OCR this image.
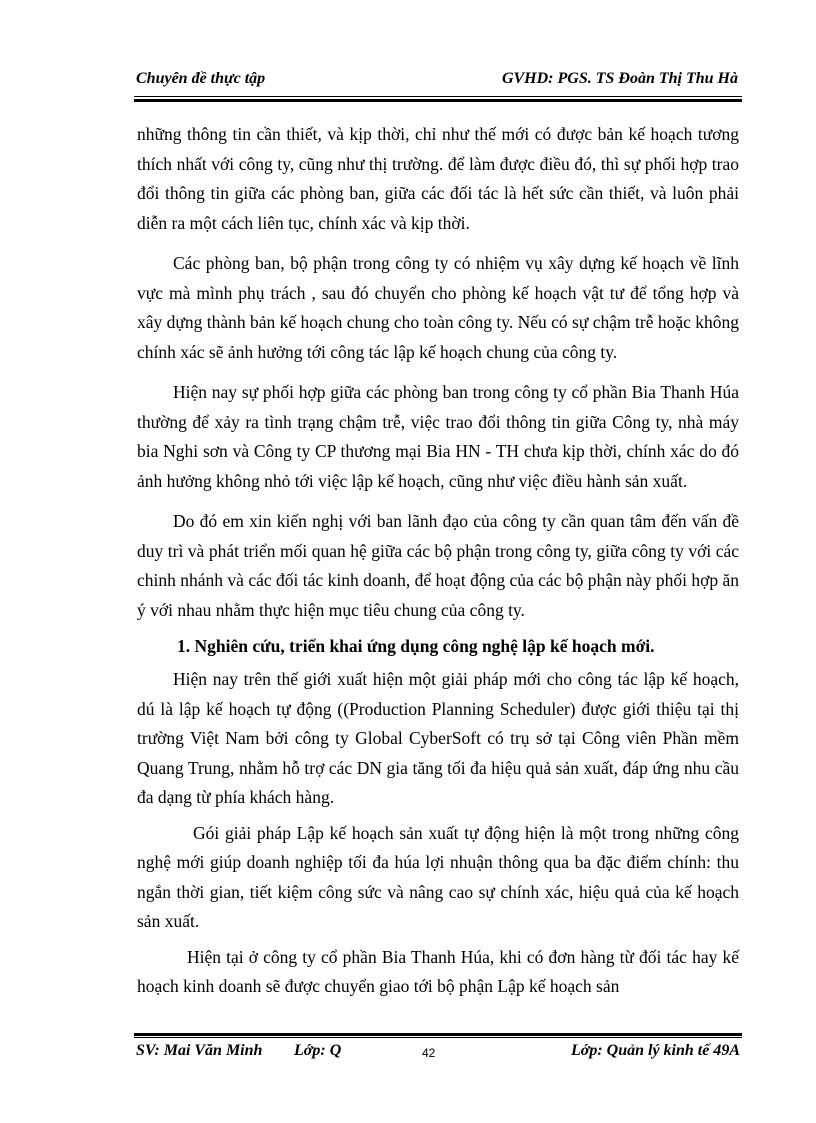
Chuyên đề thực tập	GVHD: PGS. TS Đoàn Thị Thu Hà

những thông tin cần thiết, và kịp thời, chỉ như thế mới có được bản kế hoạch tương thích nhất với công ty, cũng như thị trường. để làm được điều đó, thì sự phối hợp trao đổi thông tin giữa các phòng ban, giữa các đối tác là hết sức cần thiết, và luôn phải diễn ra một cách liên tục, chính xác và kịp thời.

Các phòng ban, bộ phận trong công ty có nhiệm vụ xây dựng kế hoạch về lĩnh vực mà mình phụ trách , sau đó chuyển cho phòng kế hoạch vật tư để tổng hợp và xây dựng thành bản kế hoạch chung cho toàn công ty. Nếu có sự chậm trễ hoặc không chính xác sẽ ảnh hưởng tới công tác lập kế hoạch chung của công ty.

Hiện nay sự phối hợp giữa các phòng ban trong công ty cổ phần Bia Thanh Húa thường để xảy ra tình trạng chậm trễ, việc trao đổi thông tin giữa Công ty, nhà máy bia Nghi sơn và Công ty CP thương mại Bia HN - TH chưa kịp thời, chính xác do đó ảnh hưởng không nhỏ tới việc lập kế hoạch, cũng như việc điều hành sản xuất.

Do đó em xin kiến nghị với ban lãnh đạo của công ty cần quan tâm đến vấn đề duy trì và phát triển mối quan hệ giữa các bộ phận trong công ty, giữa công ty với các chinh nhánh và các đối tác kinh doanh, để hoạt động của các bộ phận này phối hợp ăn ý với nhau nhằm thực hiện mục tiêu chung của công ty.

1. Nghiên cứu, triển khai ứng dụng công nghệ lập kế hoạch mới.

Hiện nay trên thế giới xuất hiện một giải pháp mới cho công tác lập kế hoạch, dú là lập kế hoạch tự động ((Production Planning Scheduler) được giới thiệu tại thị trường Việt Nam bởi công ty Global CyberSoft có trụ sở tại Công viên Phần mềm Quang Trung, nhằm hỗ trợ các DN gia tăng tối đa hiệu quả sản xuất, đáp ứng nhu cầu đa dạng từ phía khách hàng.

Gói giải pháp Lập kế hoạch sản xuất tự động hiện là một trong những công nghệ mới giúp doanh nghiệp tối đa húa lợi nhuận thông qua ba đặc điểm chính: thu ngắn thời gian, tiết kiệm công sức và nâng cao sự chính xác, hiệu quả của kế hoạch sản xuất.

Hiện tại ở công ty cổ phần Bia Thanh Húa, khi có đơn hàng từ đối tác hay kế hoạch kinh doanh sẽ được chuyển giao tới bộ phận Lập kế hoạch sản

SV: Mai Văn Minh Lớp: Q	42	Lớp: Quản lý kinh tế 49A
